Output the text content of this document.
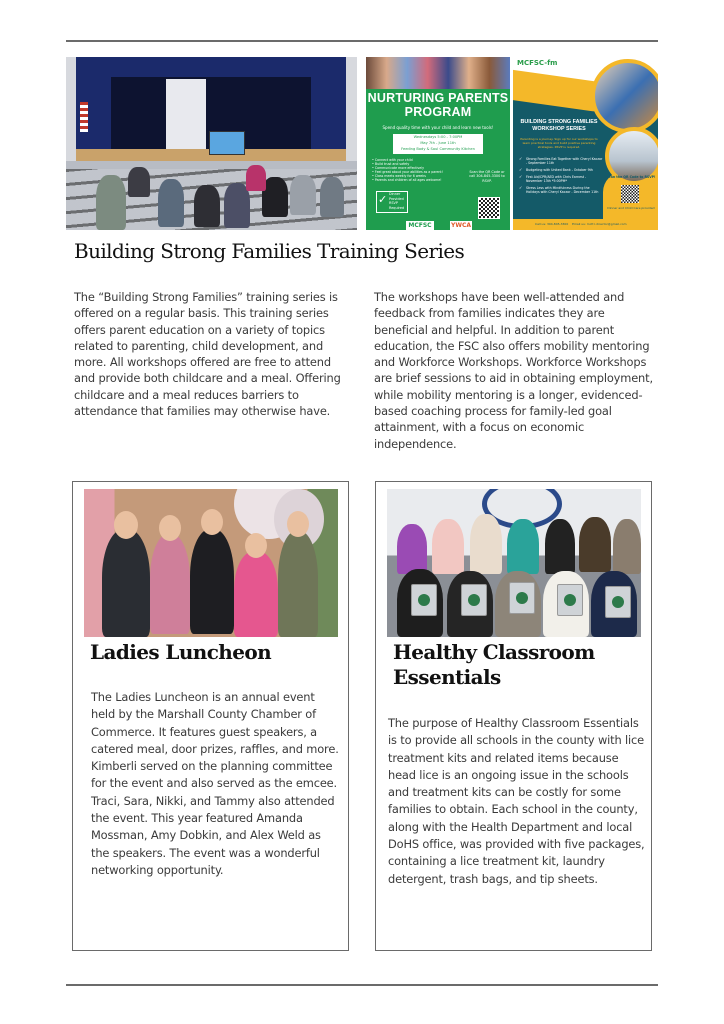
NURTURING PARENTS
PROGRAM
Spend quality time with your child and learn new tools!
Wednesdays 5:00 - 7:00PM
May 7th - June 11th
Feeding Body & Soul Community Kitchen
• Connect with your child
• Build trust and safety
• Communicate more effectively
• Feel great about your abilities as a parent!
• Class meets weekly for 6 weeks
• Parents and children of all ages welcome!
Scan the QR Code or call 304-845-3300 to RSVP.
✓ Dinner Provided RSVP Required
MCFSC	YWCA
MCFSC-fm
BUILDING STRONG FAMILIES
WORKSHOP SERIES
Parenting is a journey. Sign up for our workshops to learn practical tools and build positive parenting strategies. RSVP is required.
✓ Strong Families Eat Together with Cheryl Kaczor - September 11th
✓ Budgeting with United Bank - October 9th
✓ First Aid/CPR/AED with Chris Earnest - November 13th *5:00PM*
✓ Stress Less with Mindfulness During the Holidays with Cheryl Kaczor - December 11th
Scan the QR Code to RSVP!
Dinner and Child Care provided
Call us: 304-845-3300 Email us: mcfrc.director@gmail.com
Building Strong Families Training Series

The “Building Strong Families” training series is offered on a regular basis. This training series offers parent education on a variety of topics related to parenting, child development, and more. All workshops offered are free to attend and provide both childcare and a meal. Offering childcare and a meal reduces barriers to attendance that families may otherwise have.

The workshops have been well-attended and feedback from families indicates they are beneficial and helpful. In addition to parent education, the FSC also offers mobility mentoring and Workforce Workshops. Workforce Workshops are brief sessions to aid in obtaining employment, while mobility mentoring is a longer, evidenced-based coaching process for family-led goal attainment, with a focus on economic independence.

Ladies Luncheon

The Ladies Luncheon is an annual event held by the Marshall County Chamber of Commerce. It features guest speakers, a catered meal, door prizes, raffles, and more. Kimberli served on the planning committee for the event and also served as the emcee. Traci, Sara, Nikki, and Tammy also attended the event. This year featured Amanda Mossman, Amy Dobkin, and Alex Weld as the speakers. The event was a wonderful networking opportunity.

Healthy Classroom Essentials

The purpose of Healthy Classroom Essentials is to provide all schools in the county with lice treatment kits and related items because head lice is an ongoing issue in the schools and treatment kits can be costly for some families to obtain. Each school in the county, along with the Health Department and local DoHS office, was provided with five packages, containing a lice treatment kit, laundry detergent, trash bags, and tip sheets.
